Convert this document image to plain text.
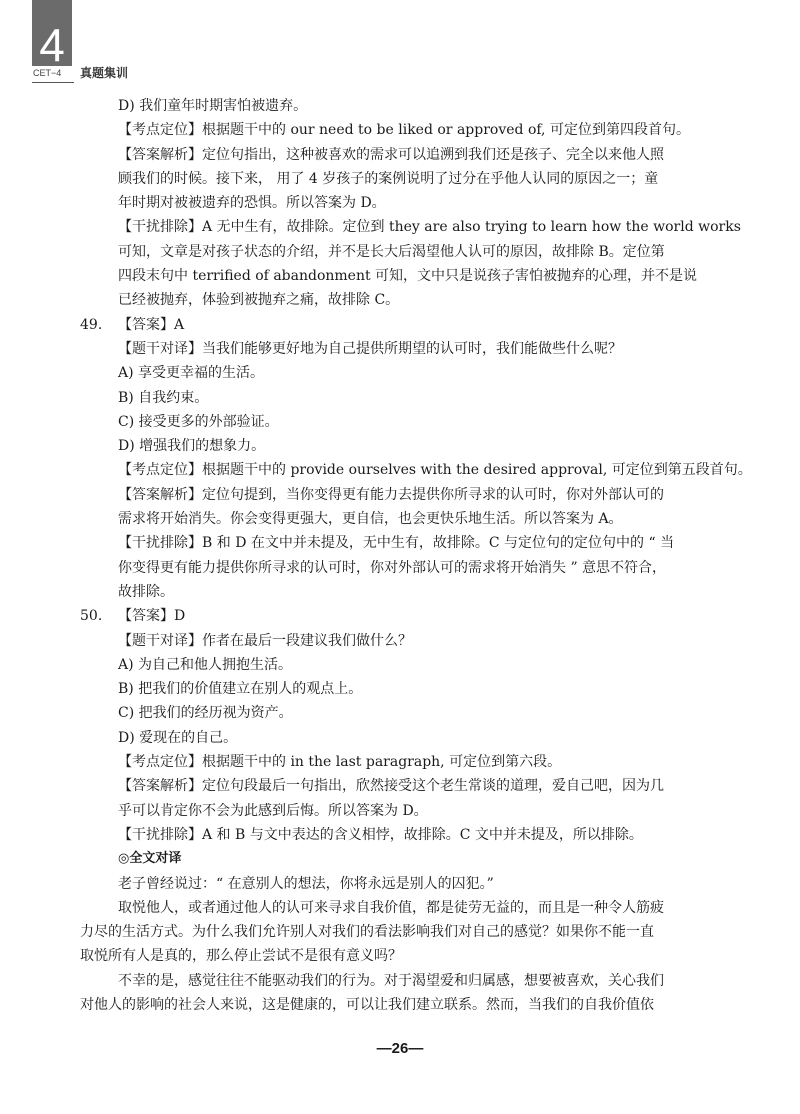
4
CET−4 真题集训
D) 我们童年时期害怕被遗弃。
【考点定位】根据题干中的 our need to be liked or approved of, 可定位到第四段首句。
【答案解析】定位句指出，这种被喜欢的需求可以追溯到我们还是孩子、完全以来他人照
顾我们的时候。接下来， 用了 4 岁孩子的案例说明了过分在乎他人认同的原因之一；童
年时期对被被遗弃的恐惧。所以答案为 D。
【干扰排除】A 无中生有，故排除。定位到 they are also trying to learn how the world works
可知，文章是对孩子状态的介绍，并不是长大后渴望他人认可的原因，故排除 B。定位第
四段末句中 terrified of abandonment 可知，文中只是说孩子害怕被抛弃的心理，并不是说
已经被抛弃，体验到被抛弃之痛，故排除 C。
49. 【答案】A
【题干对译】当我们能够更好地为自己提供所期望的认可时，我们能做些什么呢？
A) 享受更幸福的生活。
B) 自我约束。
C) 接受更多的外部验证。
D) 增强我们的想象力。
【考点定位】根据题干中的 provide ourselves with the desired approval, 可定位到第五段首句。
【答案解析】定位句提到，当你变得更有能力去提供你所寻求的认可时，你对外部认可的
需求将开始消失。你会变得更强大，更自信，也会更快乐地生活。所以答案为 A。
【干扰排除】B 和 D 在文中并未提及，无中生有，故排除。C 与定位句的定位句中的 “ 当
你变得更有能力提供你所寻求的认可时，你对外部认可的需求将开始消失 ” 意思不符合，
故排除。
50. 【答案】D
【题干对译】作者在最后一段建议我们做什么？
A) 为自己和他人拥抱生活。
B) 把我们的价值建立在别人的观点上。
C) 把我们的经历视为资产。
D) 爱现在的自己。
【考点定位】根据题干中的 in the last paragraph, 可定位到第六段。
【答案解析】定位句段最后一句指出，欣然接受这个老生常谈的道理，爱自己吧，因为几
乎可以肯定你不会为此感到后悔。所以答案为 D。
【干扰排除】A 和 B 与文中表达的含义相悖，故排除。C 文中并未提及，所以排除。
◎全文对译
老子曾经说过：“ 在意别人的想法，你将永远是别人的囚犯。”
取悦他人，或者通过他人的认可来寻求自我价值，都是徒劳无益的，而且是一种令人筋疲
力尽的生活方式。为什么我们允许别人对我们的看法影响我们对自己的感觉？如果你不能一直
取悦所有人是真的，那么停止尝试不是很有意义吗？
不幸的是，感觉往往不能驱动我们的行为。对于渴望爱和归属感，想要被喜欢，关心我们
对他人的影响的社会人来说，这是健康的，可以让我们建立联系。然而，当我们的自我价值依
—26—
